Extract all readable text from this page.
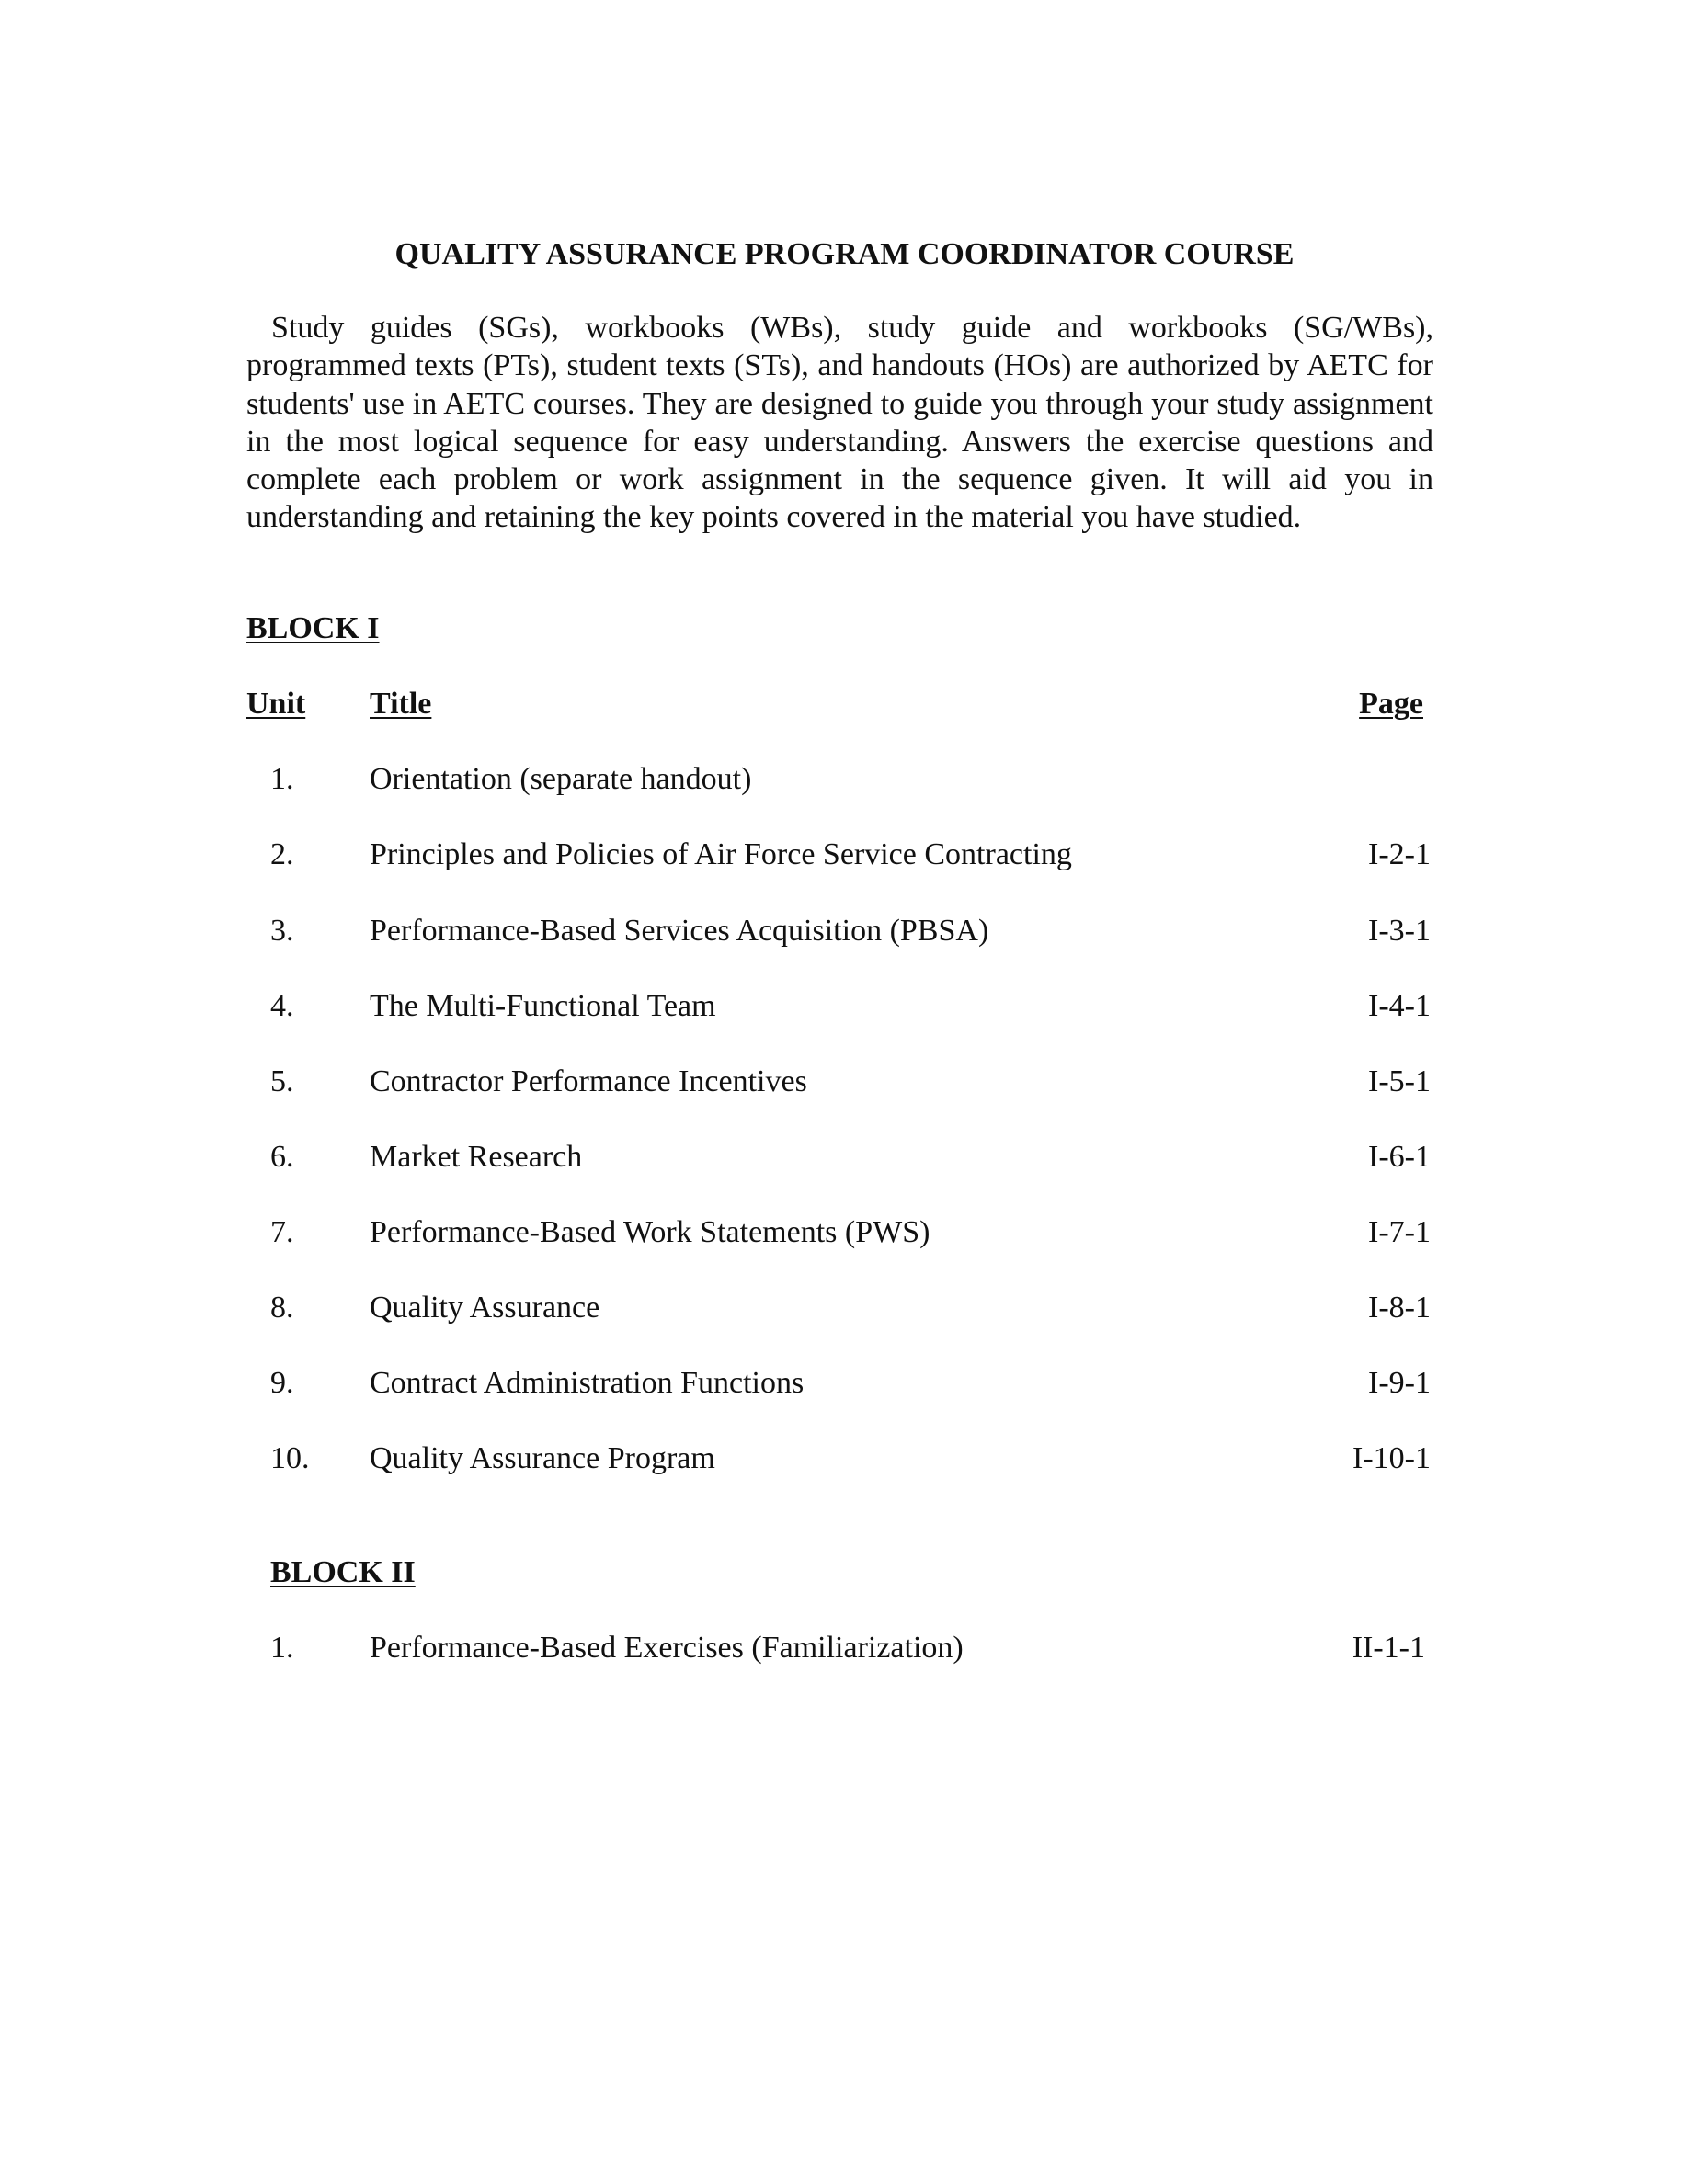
QUALITY ASSURANCE PROGRAM COORDINATOR COURSE

Study guides (SGs), workbooks (WBs), study guide and workbooks (SG/WBs), programmed texts (PTs), student texts (STs), and handouts (HOs) are authorized by AETC for students' use in AETC courses. They are designed to guide you through your study assignment in the most logical sequence for easy understanding. Answers the exercise questions and complete each problem or work assignment in the sequence given. It will aid you in understanding and retaining the key points covered in the material you have studied.

BLOCK I
Unit Title	Page
1. Orientation (separate handout)
2. Principles and Policies of Air Force Service Contracting	I-2-1
3. Performance-Based Services Acquisition (PBSA)	I-3-1
4. The Multi-Functional Team	I-4-1
5. Contractor Performance Incentives	I-5-1
6. Market Research	I-6-1
7. Performance-Based Work Statements (PWS)	I-7-1
8. Quality Assurance	I-8-1
9. Contract Administration Functions	I-9-1
10. Quality Assurance Program	I-10-1
BLOCK II
1. Performance-Based Exercises (Familiarization)	II-1-1
